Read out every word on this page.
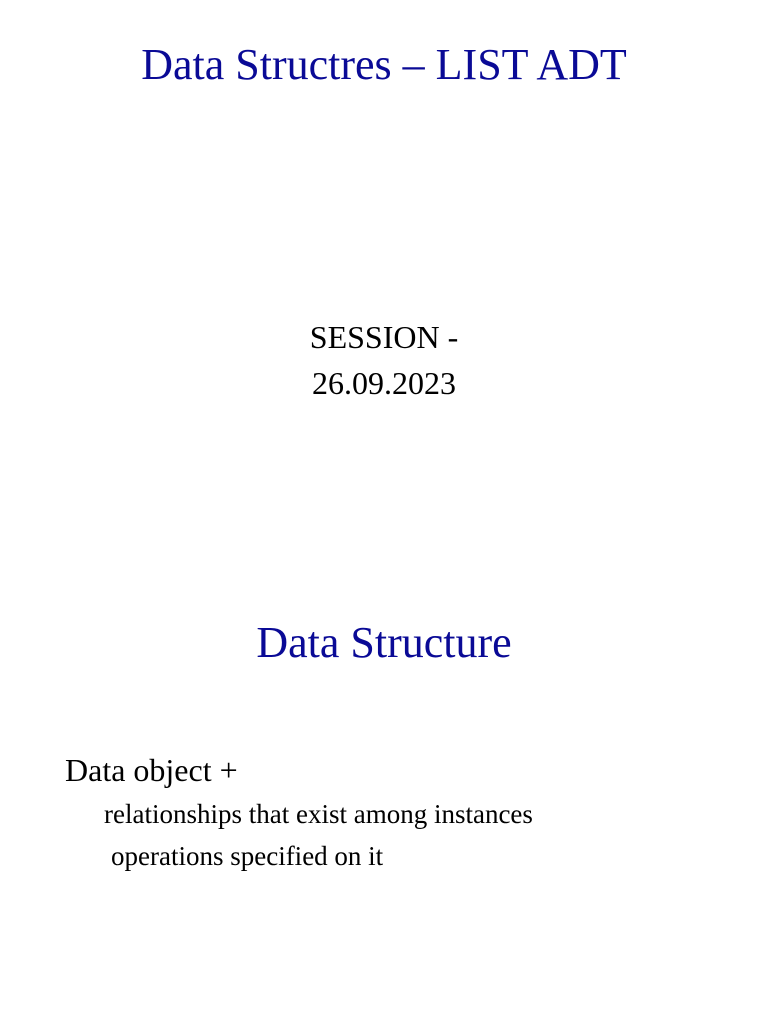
Data Structres – LIST ADT
SESSION -
26.09.2023
Data Structure
Data object +
relationships that exist among instances
operations specified on it
